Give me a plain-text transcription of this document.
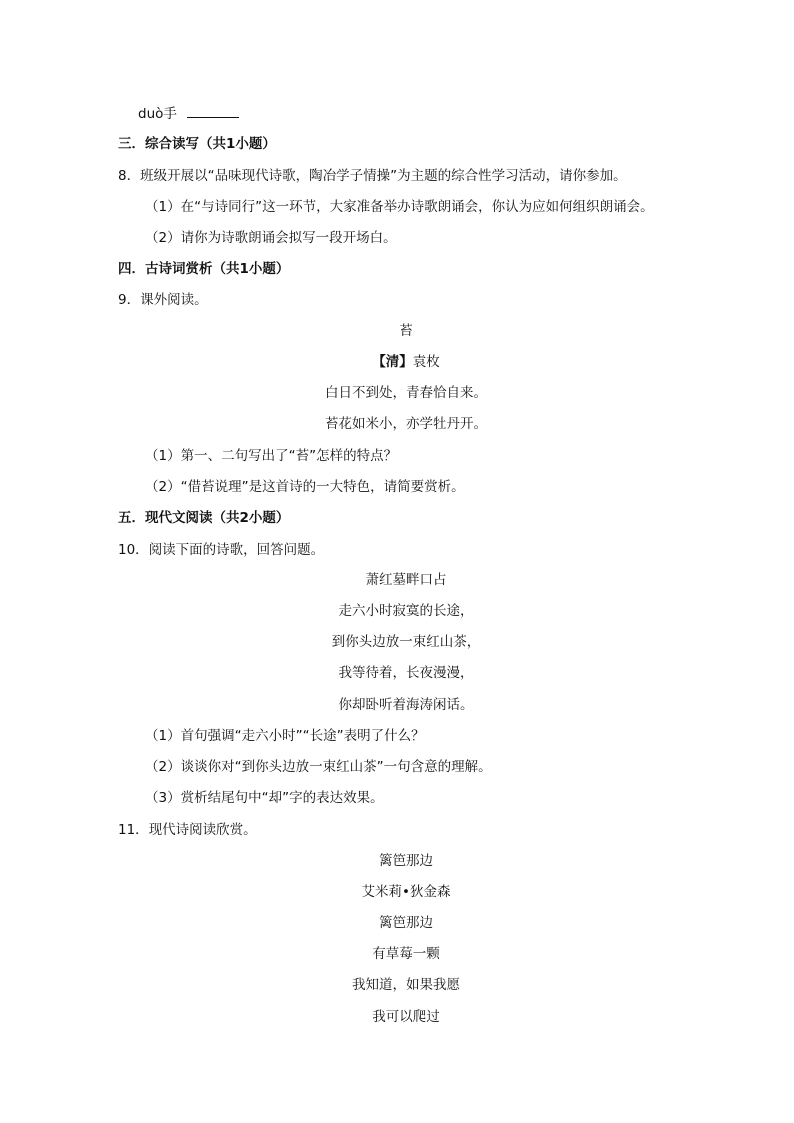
duò手
三．综合读写（共1小题）
8．班级开展以“品味现代诗歌，陶冶学子情操”为主题的综合性学习活动，请你参加。
（1）在“与诗同行”这一环节，大家准备举办诗歌朗诵会，你认为应如何组织朗诵会。
（2）请你为诗歌朗诵会拟写一段开场白。
四．古诗词赏析（共1小题）
9．课外阅读。
苔
【清】袁枚
白日不到处，青春恰自来。
苔花如米小，亦学牡丹开。
（1）第一、二句写出了“苔”怎样的特点？
（2）“借苔说理”是这首诗的一大特色，请简要赏析。
五．现代文阅读（共2小题）
10．阅读下面的诗歌，回答问题。
萧红墓畔口占
走六小时寂寞的长途，
到你头边放一束红山茶，
我等待着，长夜漫漫，
你却卧听着海涛闲话。
（1）首句强调“走六小时”“长途”表明了什么？
（2）谈谈你对“到你头边放一束红山茶”一句含意的理解。
（3）赏析结尾句中“却”字的表达效果。
11．现代诗阅读欣赏。
篱笆那边
艾米莉•狄金森
篱笆那边
有草莓一颗
我知道，如果我愿
我可以爬过
